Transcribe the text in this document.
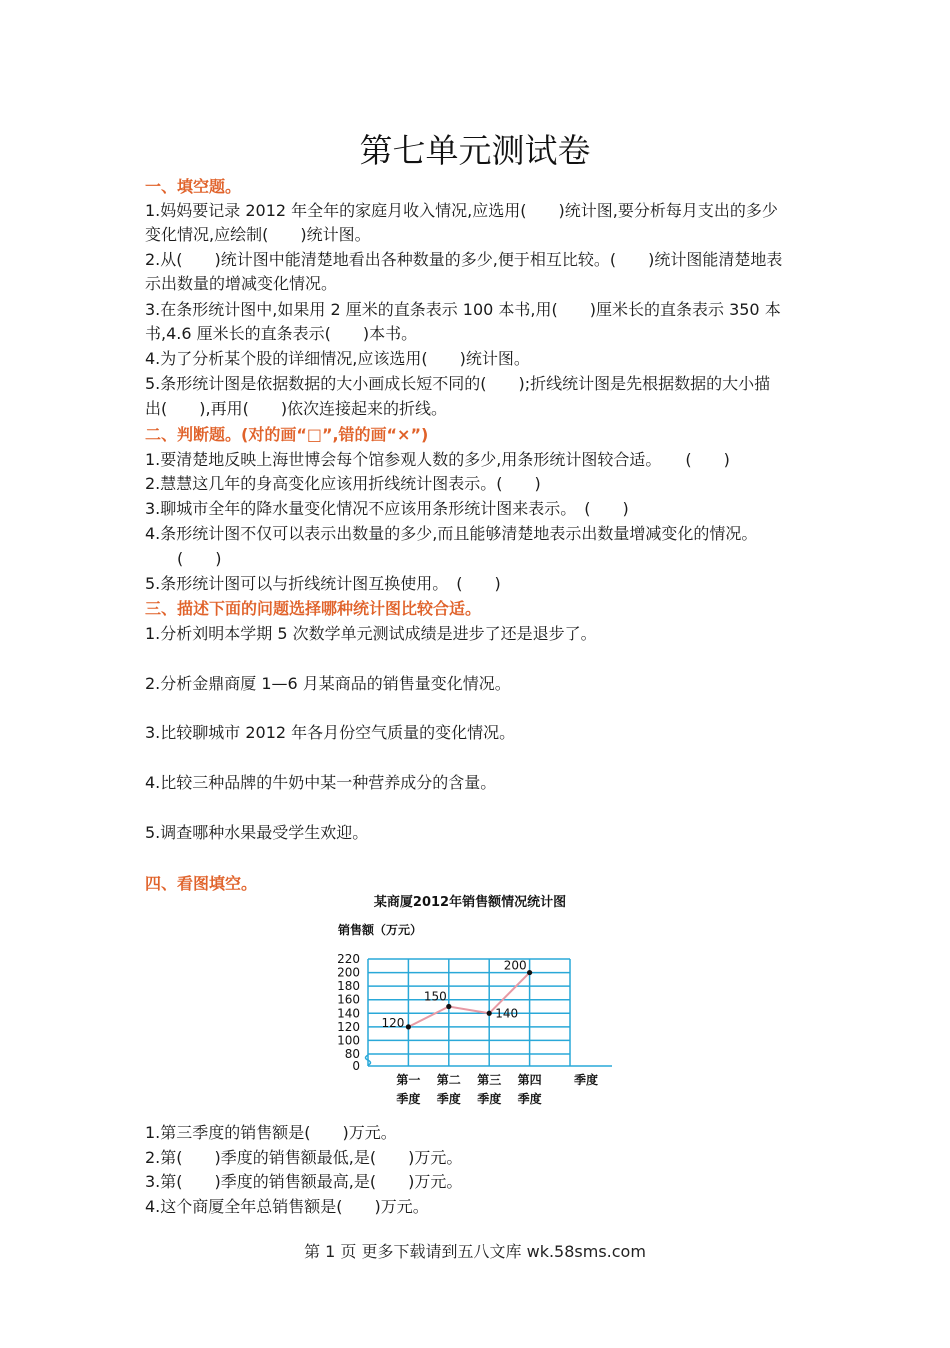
第七单元测试卷
一、填空题。
1.妈妈要记录 2012 年全年的家庭月收入情况,应选用(　　)统计图,要分析每月支出的多少
变化情况,应绘制(　　)统计图。
2.从(　　)统计图中能清楚地看出各种数量的多少,便于相互比较。(　　)统计图能清楚地表
示出数量的增减变化情况。
3.在条形统计图中,如果用 2 厘米的直条表示 100 本书,用(　　)厘米长的直条表示 350 本
书,4.6 厘米长的直条表示(　　)本书。
4.为了分析某个股的详细情况,应该选用(　　)统计图。
5.条形统计图是依据数据的大小画成长短不同的(　　);折线统计图是先根据数据的大小描
出(　　),再用(　　)依次连接起来的折线。
二、判断题。(对的画“□”,错的画“×”)
1.要清楚地反映上海世博会每个馆参观人数的多少,用条形统计图较合适。　　(　　)
2.慧慧这几年的身高变化应该用折线统计图表示。(　　)
3.聊城市全年的降水量变化情况不应该用条形统计图来表示。　(　　)
4.条形统计图不仅可以表示出数量的多少,而且能够清楚地表示出数量增减变化的情况。
　　(　　)
5.条形统计图可以与折线统计图互换使用。　(　　)
三、描述下面的问题选择哪种统计图比较合适。
1.分析刘明本学期 5 次数学单元测试成绩是进步了还是退步了。
2.分析金鼎商厦 1—6 月某商品的销售量变化情况。
3.比较聊城市 2012 年各月份空气质量的变化情况。
4.比较三种品牌的牛奶中某一种营养成分的含量。
5.调查哪种水果最受学生欢迎。
四、看图填空。
某商厦2012年销售额情况统计图
销售额（万元）
季度
0
80
100
120
140
160
180
200
220
第一
季度
第二
季度
第三
季度
第四
季度
120
150
140
200
1.第三季度的销售额是(　　)万元。
2.第(　　)季度的销售额最低,是(　　)万元。
3.第(　　)季度的销售额最高,是(　　)万元。
4.这个商厦全年总销售额是(　　)万元。
第 1 页 更多下载请到五八文库 wk.58sms.com
